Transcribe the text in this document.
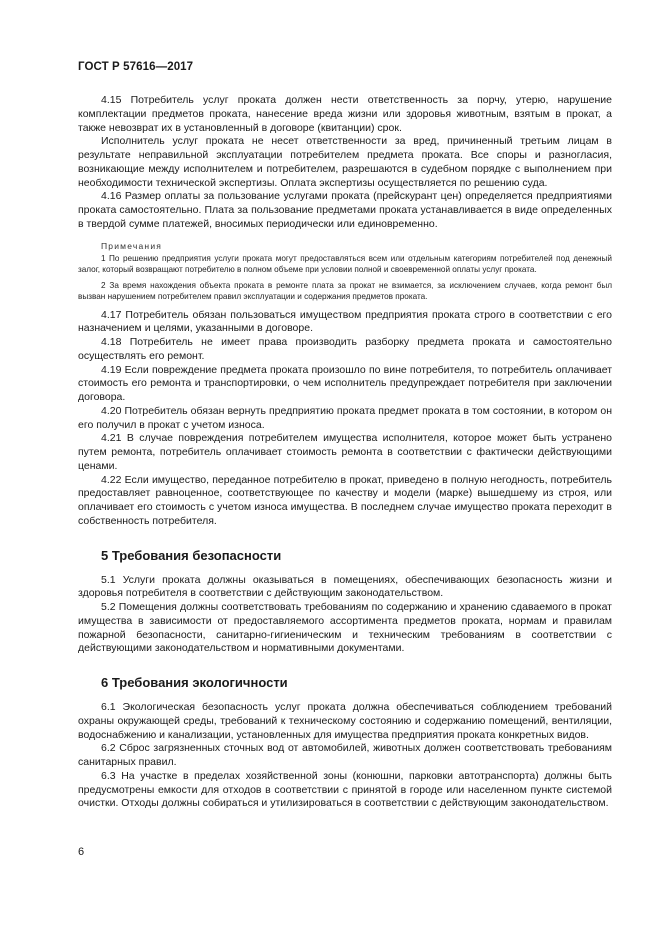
ГОСТ Р 57616—2017

4.15 Потребитель услуг проката должен нести ответственность за порчу, утерю, нарушение комплектации предметов проката, нанесение вреда жизни или здоровья животным, взятым в прокат, а также невозврат их в установленный в договоре (квитанции) срок.

Исполнитель услуг проката не несет ответственности за вред, причиненный третьим лицам в результате неправильной эксплуатации потребителем предмета проката. Все споры и разногласия, возникающие между исполнителем и потребителем, разрешаются в судебном порядке с выполнением при необходимости технической экспертизы. Оплата экспертизы осуществляется по решению суда.

4.16 Размер оплаты за пользование услугами проката (прейскурант цен) определяется предприятиями проката самостоятельно. Плата за пользование предметами проката устанавливается в виде определенных в твердой сумме платежей, вносимых периодически или единовременно.

Примечания

1 По решению предприятия услуги проката могут предоставляться всем или отдельным категориям потребителей под денежный залог, который возвращают потребителю в полном объеме при условии полной и своевременной оплаты услуг проката.

2 За время нахождения объекта проката в ремонте плата за прокат не взимается, за исключением случаев, когда ремонт был вызван нарушением потребителем правил эксплуатации и содержания предметов проката.

4.17 Потребитель обязан пользоваться имуществом предприятия проката строго в соответствии с его назначением и целями, указанными в договоре.

4.18 Потребитель не имеет права производить разборку предмета проката и самостоятельно осуществлять его ремонт.

4.19 Если повреждение предмета проката произошло по вине потребителя, то потребитель оплачивает стоимость его ремонта и транспортировки, о чем исполнитель предупреждает потребителя при заключении договора.

4.20 Потребитель обязан вернуть предприятию проката предмет проката в том состоянии, в котором он его получил в прокат с учетом износа.

4.21 В случае повреждения потребителем имущества исполнителя, которое может быть устранено путем ремонта, потребитель оплачивает стоимость ремонта в соответствии с фактически действующими ценами.

4.22 Если имущество, переданное потребителю в прокат, приведено в полную негодность, потребитель предоставляет равноценное, соответствующее по качеству и модели (марке) вышедшему из строя, или оплачивает его стоимость с учетом износа имущества. В последнем случае имущество проката переходит в собственность потребителя.

5 Требования безопасности

5.1 Услуги проката должны оказываться в помещениях, обеспечивающих безопасность жизни и здоровья потребителя в соответствии с действующим законодательством.

5.2 Помещения должны соответствовать требованиям по содержанию и хранению сдаваемого в прокат имущества в зависимости от предоставляемого ассортимента предметов проката, нормам и правилам пожарной безопасности, санитарно-гигиеническим и техническим требованиям в соответствии с действующими законодательством и нормативными документами.

6 Требования экологичности

6.1 Экологическая безопасность услуг проката должна обеспечиваться соблюдением требований охраны окружающей среды, требований к техническому состоянию и содержанию помещений, вентиляции, водоснабжению и канализации, установленных для имущества предприятия проката конкретных видов.

6.2 Сброс загрязненных сточных вод от автомобилей, животных должен соответствовать требованиям санитарных правил.

6.3 На участке в пределах хозяйственной зоны (конюшни, парковки автотранспорта) должны быть предусмотрены емкости для отходов в соответствии с принятой в городе или населенном пункте системой очистки. Отходы должны собираться и утилизироваться в соответствии с действующим законодательством.

6
